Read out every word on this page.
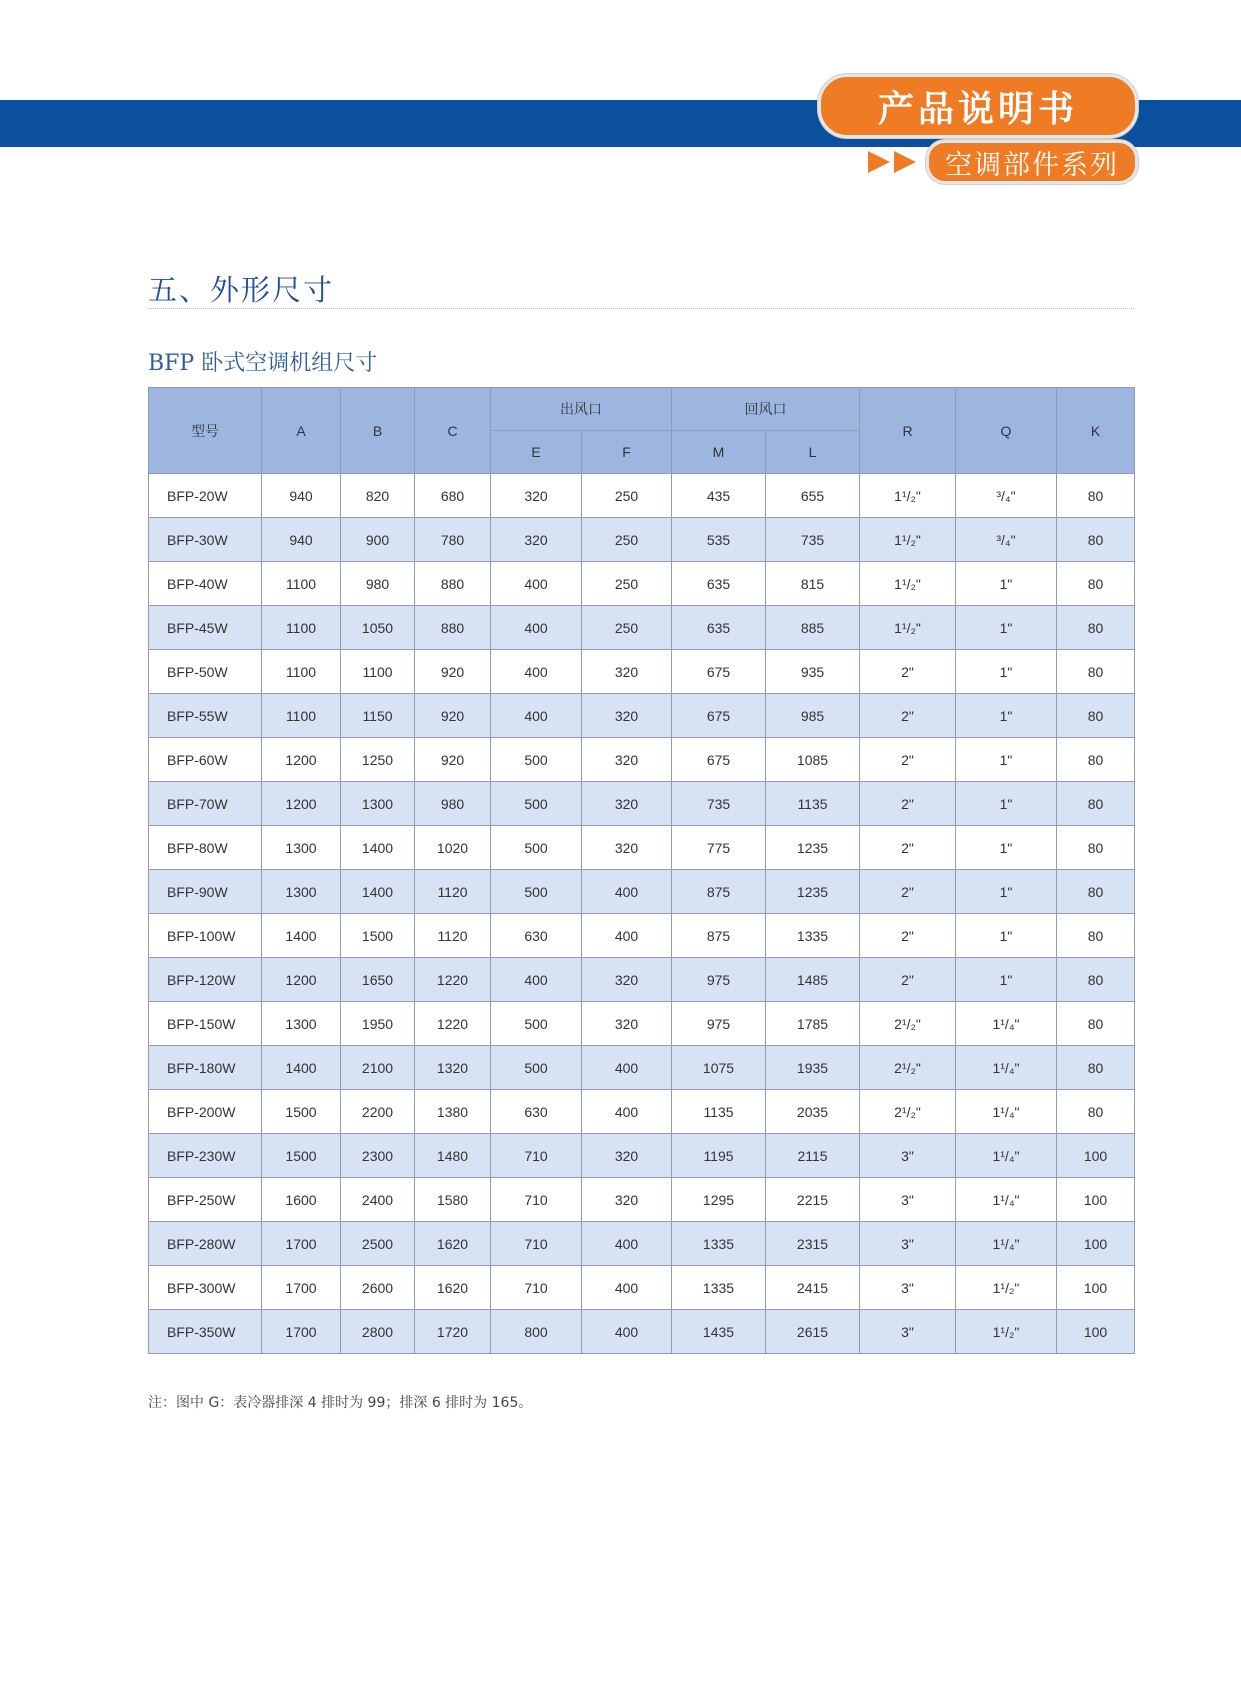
产品说明书
空调部件系列
五、外形尺寸
BFP 卧式空调机组尺寸
型号	A	B	C	出风口		回风口		R	Q	K
				E	F	M	L			
BFP-20W	940	820	680	320	250	435	655	1¹/₂"	³/₄"	80
BFP-30W	940	900	780	320	250	535	735	1¹/₂"	³/₄"	80
BFP-40W	1100	980	880	400	250	635	815	1¹/₂"	1"	80
BFP-45W	1100	1050	880	400	250	635	885	1¹/₂"	1"	80
BFP-50W	1100	1100	920	400	320	675	935	2"	1"	80
BFP-55W	1100	1150	920	400	320	675	985	2"	1"	80
BFP-60W	1200	1250	920	500	320	675	1085	2"	1"	80
BFP-70W	1200	1300	980	500	320	735	1135	2"	1"	80
BFP-80W	1300	1400	1020	500	320	775	1235	2"	1"	80
BFP-90W	1300	1400	1120	500	400	875	1235	2"	1"	80
BFP-100W	1400	1500	1120	630	400	875	1335	2"	1"	80
BFP-120W	1200	1650	1220	400	320	975	1485	2"	1"	80
BFP-150W	1300	1950	1220	500	320	975	1785	2¹/₂"	1¹/₄"	80
BFP-180W	1400	2100	1320	500	400	1075	1935	2¹/₂"	1¹/₄"	80
BFP-200W	1500	2200	1380	630	400	1135	2035	2¹/₂"	1¹/₄"	80
BFP-230W	1500	2300	1480	710	320	1195	2115	3"	1¹/₄"	100
BFP-250W	1600	2400	1580	710	320	1295	2215	3"	1¹/₄"	100
BFP-280W	1700	2500	1620	710	400	1335	2315	3"	1¹/₄"	100
BFP-300W	1700	2600	1620	710	400	1335	2415	3"	1¹/₂"	100
BFP-350W	1700	2800	1720	800	400	1435	2615	3"	1¹/₂"	100
注：图中 G：表冷器排深 4 排时为 99；排深 6 排时为 165。
